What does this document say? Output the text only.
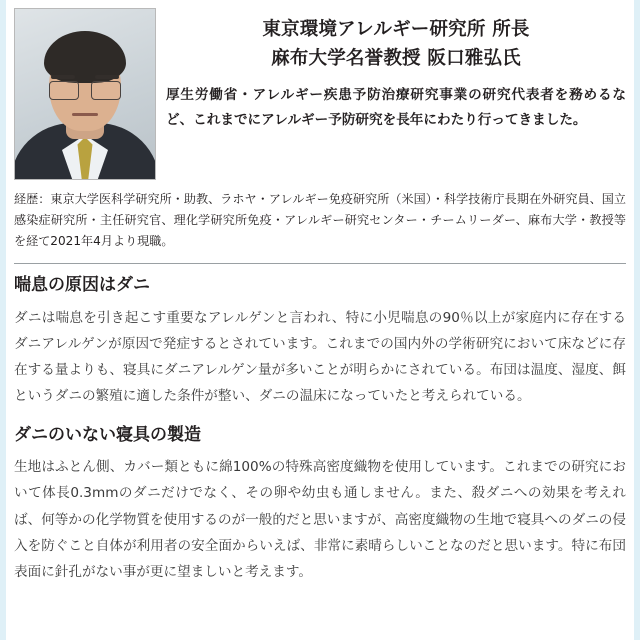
東京環境アレルギー研究所 所長
麻布大学名誉教授 阪口雅弘氏
厚生労働省・アレルギー疾患予防治療研究事業の研究代表者を務めるなど、これまでにアレルギー予防研究を長年にわたり行ってきました。
経歴：東京大学医科学研究所・助教、ラホヤ・アレルギー免疫研究所（米国）・科学技術庁長期在外研究員、国立感染症研究所・主任研究官、理化学研究所免疫・アレルギー研究センター・チームリーダー、麻布大学・教授等を経て2021年4月より現職。
喘息の原因はダニ

ダニは喘息を引き起こす重要なアレルゲンと言われ、特に小児喘息の90％以上が家庭内に存在するダニアレルゲンが原因で発症するとされています。これまでの国内外の学術研究において床などに存在する量よりも、寝具にダニアレルゲン量が多いことが明らかにされている。布団は温度、湿度、餌というダニの繁殖に適した条件が整い、ダニの温床になっていたと考えられている。

ダニのいない寝具の製造

生地はふとん側、カバー類ともに綿100%の特殊高密度織物を使用しています。これまでの研究において体長0.3mmのダニだけでなく、その卵や幼虫も通しません。また、殺ダニへの効果を考えれば、何等かの化学物質を使用するのが一般的だと思いますが、高密度織物の生地で寝具へのダニの侵入を防ぐこと自体が利用者の安全面からいえば、非常に素晴らしいことなのだと思います。特に布団表面に針孔がない事が更に望ましいと考えます。
